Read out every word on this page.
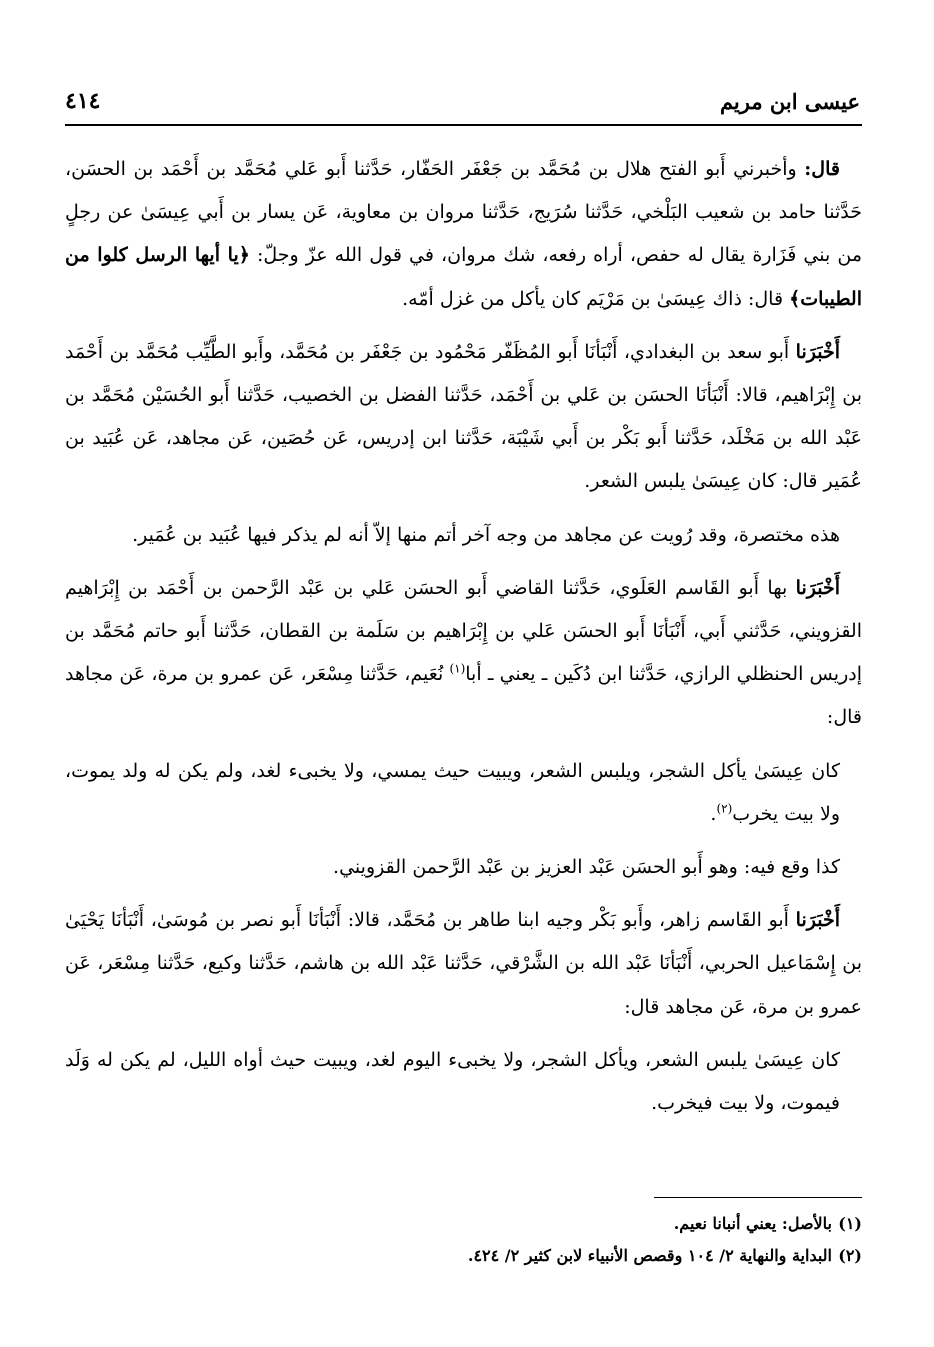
عيسى ابن مريم
٤١٤

قال: وأخبرني أَبو الفتح هلال بن مُحَمَّد بن جَعْفَر الحَفّار، حَدَّثنا أَبو عَلي مُحَمَّد بن أَحْمَد بن الحسَن، حَدَّثنا حامد بن شعيب البَلْخي، حَدَّثنا سُرَيج، حَدَّثنا مروان بن معاوية، عَن يسار بن أَبي عِيسَىٰ عن رجلٍ من بني فَزَارة يقال له حفص، أراه رفعه، شك مروان، في قول الله عزّ وجلّ: ﴿يا أيها الرسل كلوا من الطيبات﴾ قال: ذاك عِيسَىٰ بن مَرْيَم كان يأكل من غزل أمّه.

أَخْبَرَنا أَبو سعد بن البغدادي، أَنْبَأنَا أَبو المُظَفّر مَحْمُود بن جَعْفَر بن مُحَمَّد، وأَبو الطَّيِّب مُحَمَّد بن أَحْمَد بن إِبْرَاهيم، قالا: أَنْبَأنَا الحسَن بن عَلي بن أَحْمَد، حَدَّثنا الفضل بن الخصيب، حَدَّثنا أَبو الحُسَيْن مُحَمَّد بن عَبْد الله بن مَخْلَد، حَدَّثنا أَبو بَكْر بن أَبي شَيْبَة، حَدَّثنا ابن إدريس، عَن حُصَين، عَن مجاهد، عَن عُبَيد بن عُمَير قال: كان عِيسَىٰ يلبس الشعر.

هذه مختصرة، وقد رُويت عن مجاهد من وجه آخر أتم منها إلاّ أنه لم يذكر فيها عُبَيد بن عُمَير.

أَخْبَرَنا بها أَبو القَاسم العَلَوي، حَدَّثنا القاضي أَبو الحسَن عَلي بن عَبْد الرَّحمن بن أَحْمَد بن إِبْرَاهيم القزويني، حَدَّثني أَبي، أَنْبَأنَا أَبو الحسَن عَلي بن إِبْرَاهيم بن سَلَمة بن القطان، حَدَّثنا أَبو حاتم مُحَمَّد بن إدريس الحنظلي الرازي، حَدَّثنا ابن دُكَين ـ يعني ـ أبا$^{(١)}$ نُعَيم، حَدَّثنا مِسْعَر، عَن عمرو بن مرة، عَن مجاهد قال:

كان عِيسَىٰ يأكل الشجر، ويلبس الشعر، ويبيت حيث يمسي، ولا يخبىء لغد، ولم يكن له ولد يموت، ولا بيت يخرب$^{(٢)}$.

كذا وقع فيه: وهو أَبو الحسَن عَبْد العزيز بن عَبْد الرَّحمن القزويني.

أَخْبَرَنا أَبو القَاسم زاهر، وأَبو بَكْر وجيه ابنا طاهر بن مُحَمَّد، قالا: أَنْبَأنَا أَبو نصر بن مُوسَىٰ، أَنْبَأنَا يَحْيَىٰ بن إِسْمَاعيل الحربي، أَنْبَأنَا عَبْد الله بن الشَّرْقي، حَدَّثنا عَبْد الله بن هاشم، حَدَّثنا وكيع، حَدَّثنا مِسْعَر، عَن عمرو بن مرة، عَن مجاهد قال:

كان عِيسَىٰ يلبس الشعر، ويأكل الشجر، ولا يخبىء اليوم لغد، ويبيت حيث أواه الليل، لم يكن له وَلَد فيموت، ولا بيت فيخرب.

(١)بالأصل: يعني أنبانا نعيم.

(٢)البداية والنهاية ٢/ ١٠٤ وقصص الأنبياء لابن كثير ٢/ ٤٢٤.
